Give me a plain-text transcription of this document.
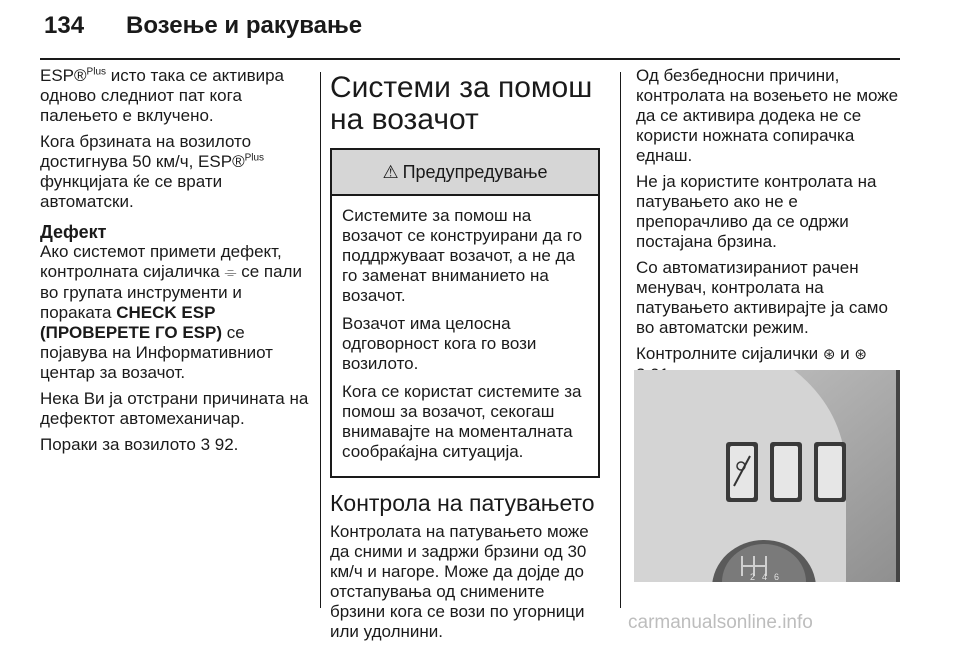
134 Возење и ракување

ESP®$^{Plus}$ исто така се активира одново следниот пат кога палењето е вклучено.

Кога брзината на возилото достигнува 50 км/ч, ESP®$^{Plus}$ функцијата ќе се врати автоматски.

Дефект

Ако системот примети дефект, контролната сијаличка ⌯ се пали во групата инструменти и пораката CHECK ESP (ПРОВЕРЕТЕ ГО ESP) се појавува на Информативниот центар за возачот.

Нека Ви ја отстрани причината на дефектот автомеханичар.

Пораки за возилото 3 92.

Системи за помош на возачот

⚠ Предупредување

Системите за помош на возачот се конструирани да го поддржуваат возачот, а не да го заменат вниманието на возачот.

Возачот има целосна одговорност кога го вози возилото.

Кога се користат системите за помош за возачот, секогаш внимавајте на моменталната сообраќајна ситуација.

Контрола на патувањето

Контролата на патувањето може да сними и задржи брзини од 30 км/ч и нагоре. Може да дојде до отстапувања од снимените брзини кога се вози по угорници или удолнини.

Од безбедносни причини, контролата на возењето не може да се активира додека не се користи ножната сопирачка еднаш.

Не ја користите контролата на патувањето ако не е препорачливо да се одржи постајана брзина.

Со автоматизираниот рачен менувач, контролата на патувањето активирајте ја само во автоматски режим.

Контролните сијалички ⊛ и ⊛

2 4 6
carmanualsonline.info
